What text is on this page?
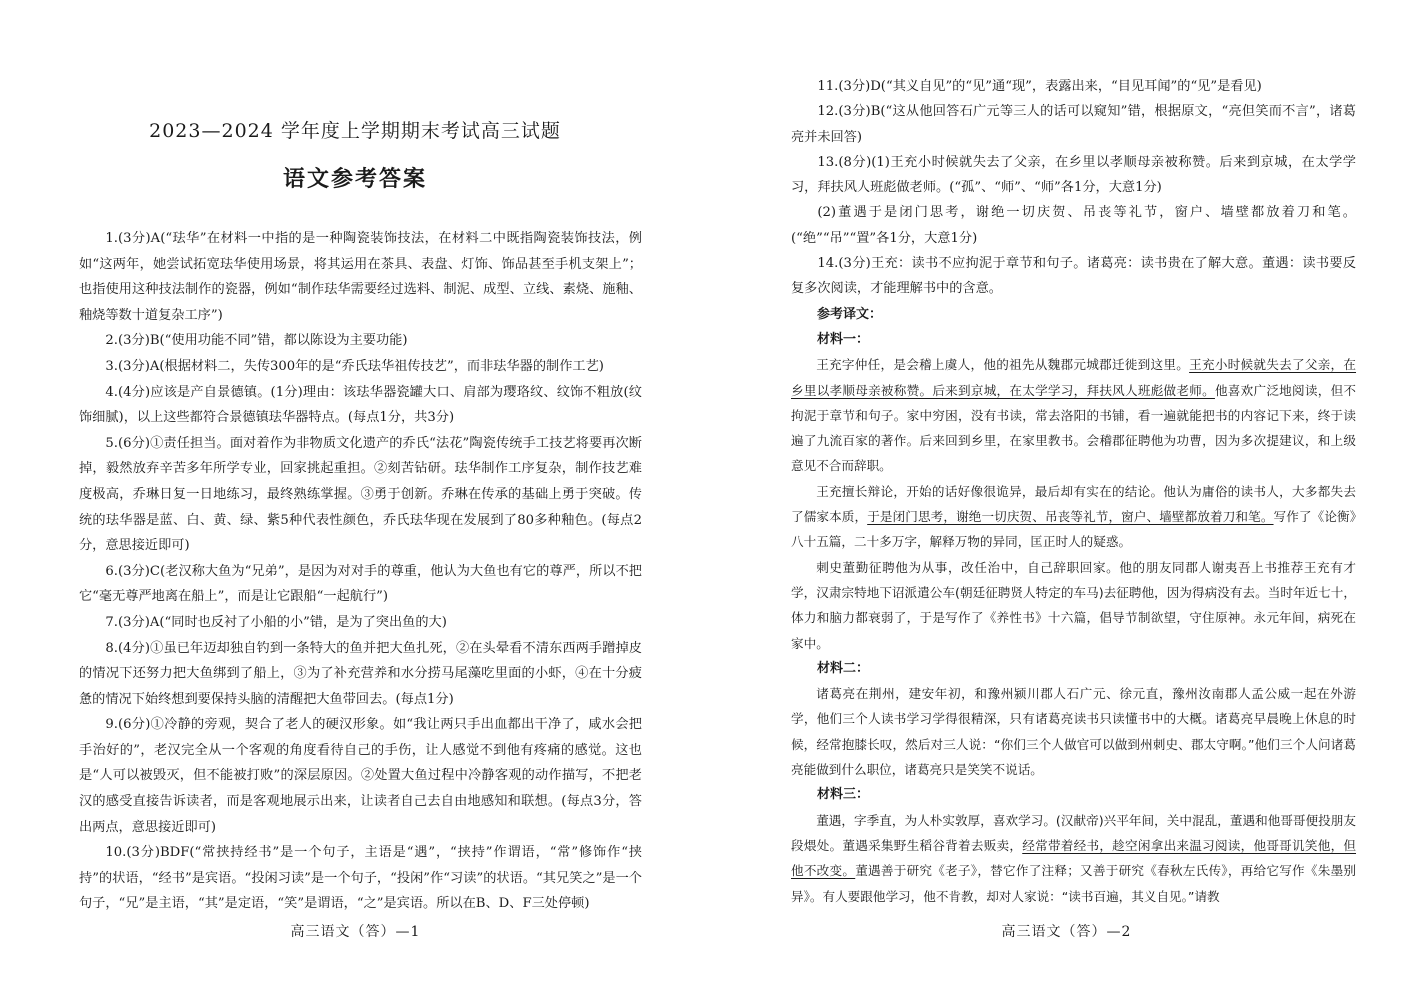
2023—2024 学年度上学期期末考试高三试题
语文参考答案

1.(3分)A(“珐华”在材料一中指的是一种陶瓷装饰技法，在材料二中既指陶瓷装饰技法，例如“这两年，她尝试拓宽珐华使用场景，将其运用在茶具、表盘、灯饰、饰品甚至手机支架上”；也指使用这种技法制作的瓷器，例如“制作珐华需要经过选料、制泥、成型、立线、素烧、施釉、釉烧等数十道复杂工序”)

2.(3分)B(“使用功能不同”错，都以陈设为主要功能)

3.(3分)A(根据材料二，失传300年的是“乔氏珐华祖传技艺”，而非珐华器的制作工艺)

4.(4分)应该是产自景德镇。(1分)理由：该珐华器瓷罐大口、肩部为璎珞纹、纹饰不粗放(纹饰细腻)，以上这些都符合景德镇珐华器特点。(每点1分，共3分)

5.(6分)①责任担当。面对着作为非物质文化遗产的乔氏“法花”陶瓷传统手工技艺将要再次断掉，毅然放弃辛苦多年所学专业，回家挑起重担。②刻苦钻研。珐华制作工序复杂，制作技艺难度极高，乔琳日复一日地练习，最终熟练掌握。③勇于创新。乔琳在传承的基础上勇于突破。传统的珐华器是蓝、白、黄、绿、紫5种代表性颜色，乔氏珐华现在发展到了80多种釉色。(每点2分，意思接近即可)

6.(3分)C(老汉称大鱼为“兄弟”，是因为对对手的尊重，他认为大鱼也有它的尊严，所以不把它“毫无尊严地离在船上”，而是让它跟船“一起航行”)

7.(3分)A(“同时也反衬了小船的小”错，是为了突出鱼的大)

8.(4分)①虽已年迈却独自钓到一条特大的鱼并把大鱼扎死，②在头晕看不清东西两手蹭掉皮的情况下还努力把大鱼绑到了船上，③为了补充营养和水分捞马尾藻吃里面的小虾，④在十分疲惫的情况下始终想到要保持头脑的清醒把大鱼带回去。(每点1分)

9.(6分)①冷静的旁观，契合了老人的硬汉形象。如“我让两只手出血都出干净了，咸水会把手治好的”，老汉完全从一个客观的角度看待自己的手伤，让人感觉不到他有疼痛的感觉。这也是“人可以被毁灭，但不能被打败”的深层原因。②处置大鱼过程中冷静客观的动作描写，不把老汉的感受直接告诉读者，而是客观地展示出来，让读者自己去自由地感知和联想。(每点3分，答出两点，意思接近即可)

10.(3分)BDF(“常挟持经书”是一个句子，主语是“遇”，“挟持”作谓语，“常”修饰作“挟持”的状语，“经书”是宾语。“投闲习读”是一个句子，“投闲”作“习读”的状语。“其兄笑之”是一个句子，“兄”是主语，“其”是定语，“笑”是谓语，“之”是宾语。所以在B、D、F三处停顿)

高三语文（答）—1

11.(3分)D(“其义自见”的“见”通“现”，表露出来，“目见耳闻”的“见”是看见)

12.(3分)B(“这从他回答石广元等三人的话可以窥知”错，根据原文，“亮但笑而不言”，诸葛亮并未回答)

13.(8分)(1)王充小时候就失去了父亲，在乡里以孝顺母亲被称赞。后来到京城，在太学学习，拜扶风人班彪做老师。(“孤”、“师”、“师”各1分，大意1分)

(2)董遇于是闭门思考，谢绝一切庆贺、吊丧等礼节，窗户、墙壁都放着刀和笔。(“绝”“吊”“置”各1分，大意1分)

14.(3分)王充：读书不应拘泥于章节和句子。诸葛亮：读书贵在了解大意。董遇：读书要反复多次阅读，才能理解书中的含意。

参考译文：

材料一：

王充字仲任，是会稽上虞人，他的祖先从魏郡元城郡迁徙到这里。王充小时候就失去了父亲，在乡里以孝顺母亲被称赞。后来到京城，在太学学习，拜扶风人班彪做老师。他喜欢广泛地阅读，但不拘泥于章节和句子。家中穷困，没有书读，常去洛阳的书铺，看一遍就能把书的内容记下来，终于读遍了九流百家的著作。后来回到乡里，在家里教书。会稽郡征聘他为功曹，因为多次提建议，和上级意见不合而辞职。

王充擅长辩论，开始的话好像很诡异，最后却有实在的结论。他认为庸俗的读书人，大多都失去了儒家本质，于是闭门思考，谢绝一切庆贺、吊丧等礼节，窗户、墙壁都放着刀和笔。写作了《论衡》八十五篇，二十多万字，解释万物的异同，匡正时人的疑惑。

刺史董勤征聘他为从事，改任治中，自己辞职回家。他的朋友同郡人谢夷吾上书推荐王充有才学，汉肃宗特地下诏派遣公车(朝廷征聘贤人特定的车马)去征聘他，因为得病没有去。当时年近七十，体力和脑力都衰弱了，于是写作了《养性书》十六篇，倡导节制欲望，守住原神。永元年间，病死在家中。

材料二：

诸葛亮在荆州，建安年初，和豫州颍川郡人石广元、徐元直，豫州汝南郡人孟公威一起在外游学，他们三个人读书学习学得很精深，只有诸葛亮读书只读懂书中的大概。诸葛亮早晨晚上休息的时候，经常抱膝长叹，然后对三人说：“你们三个人做官可以做到州刺史、郡太守啊。”他们三个人问诸葛亮能做到什么职位，诸葛亮只是笑笑不说话。

材料三：

董遇，字季直，为人朴实敦厚，喜欢学习。(汉献帝)兴平年间，关中混乱，董遇和他哥哥便投朋友段煨处。董遇采集野生稻谷背着去贩卖，经常带着经书，趁空闲拿出来温习阅读，他哥哥讥笑他，但他不改变。董遇善于研究《老子》，替它作了注释；又善于研究《春秋左氏传》，再给它写作《朱墨别异》。有人要跟他学习，他不肯教，却对人家说：“读书百遍，其义自见。”请教

高三语文（答）—2
